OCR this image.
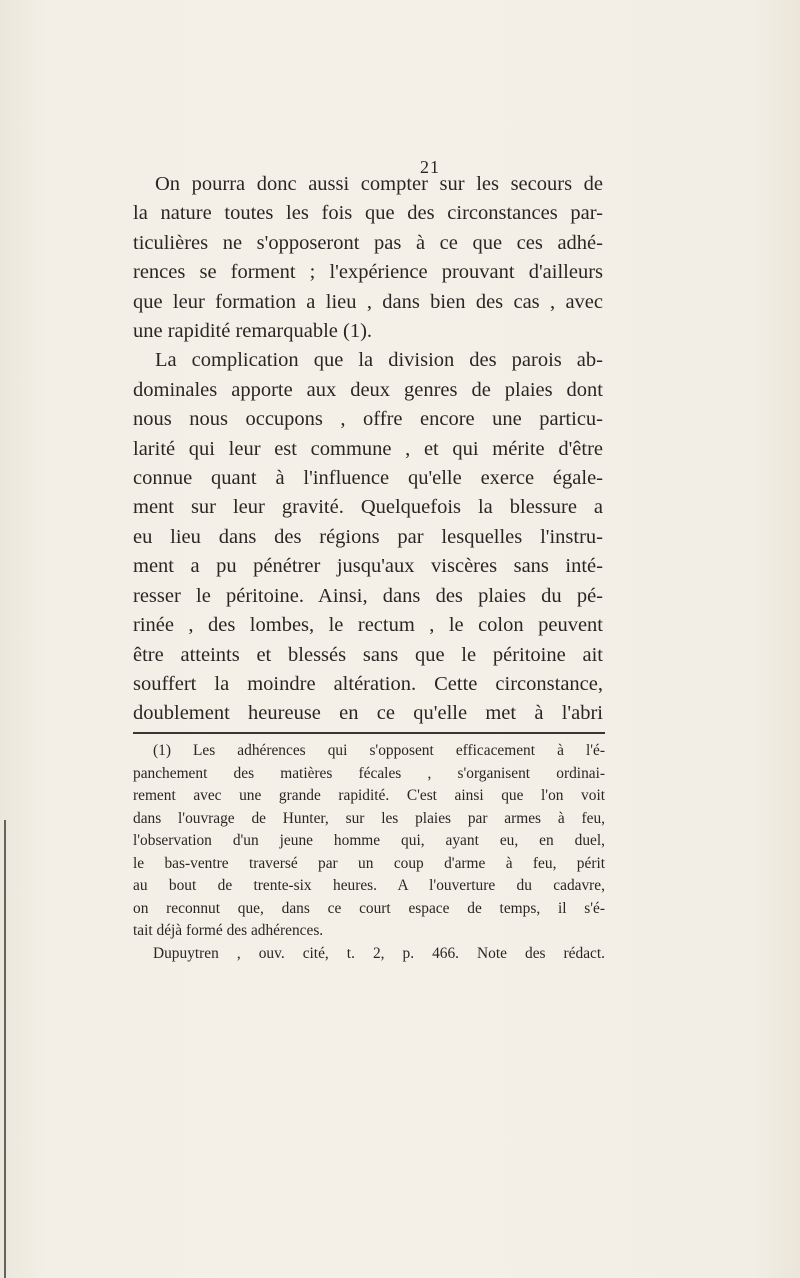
21
On pourra donc aussi compter sur les secours de
la nature toutes les fois que des circonstances par-
ticulières ne s'opposeront pas à ce que ces adhé-
rences se forment ; l'expérience prouvant d'ailleurs
que leur formation a lieu , dans bien des cas , avec
une rapidité remarquable (1).
La complication que la division des parois ab-
dominales apporte aux deux genres de plaies dont
nous nous occupons , offre encore une particu-
larité qui leur est commune , et qui mérite d'être
connue quant à l'influence qu'elle exerce égale-
ment sur leur gravité. Quelquefois la blessure a
eu lieu dans des régions par lesquelles l'instru-
ment a pu pénétrer jusqu'aux viscères sans inté-
resser le péritoine. Ainsi, dans des plaies du pé-
rinée , des lombes, le rectum , le colon peuvent
être atteints et blessés sans que le péritoine ait
souffert la moindre altération. Cette circonstance,
doublement heureuse en ce qu'elle met à l'abri
(1) Les adhérences qui s'opposent efficacement à l'é-
panchement des matières fécales , s'organisent ordinai-
rement avec une grande rapidité. C'est ainsi que l'on voit
dans l'ouvrage de Hunter, sur les plaies par armes à feu,
l'observation d'un jeune homme qui, ayant eu, en duel,
le bas-ventre traversé par un coup d'arme à feu, périt
au bout de trente-six heures. A l'ouverture du cadavre,
on reconnut que, dans ce court espace de temps, il s'é-
tait déjà formé des adhérences.
Dupuytren , ouv. cité, t. 2, p. 466. Note des rédact.
